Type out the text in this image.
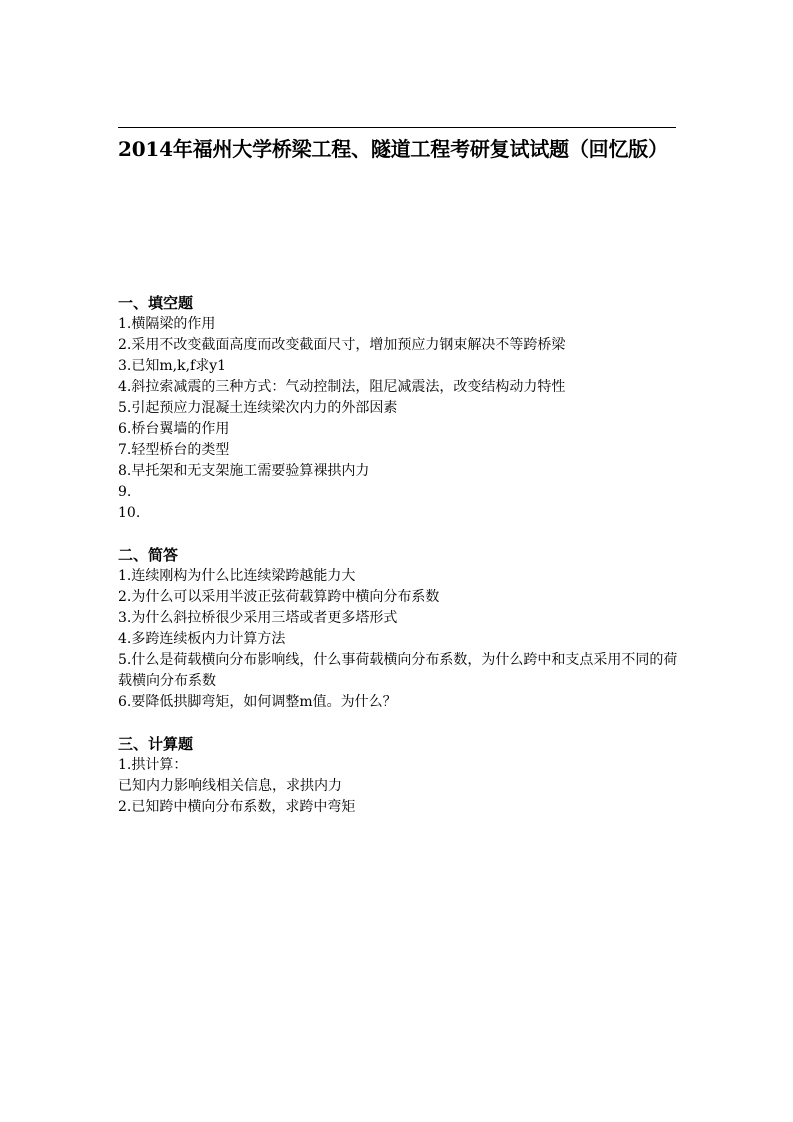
2014年福州大学桥梁工程、隧道工程考研复试试题（回忆版）
一、填空题
1.横隔梁的作用
2.采用不改变截面高度而改变截面尺寸，增加预应力钢束解决不等跨桥梁
3.已知m,k,f求y1
4.斜拉索减震的三种方式：气动控制法，阻尼减震法，改变结构动力特性
5.引起预应力混凝土连续梁次内力的外部因素
6.桥台翼墙的作用
7.轻型桥台的类型
8.早托架和无支架施工需要验算裸拱内力
9.
10.
二、简答
1.连续刚构为什么比连续梁跨越能力大
2.为什么可以采用半波正弦荷载算跨中横向分布系数
3.为什么斜拉桥很少采用三塔或者更多塔形式
4.多跨连续板内力计算方法
5.什么是荷载横向分布影响线，什么事荷载横向分布系数，为什么跨中和支点采用不同的荷载横向分布系数
6.要降低拱脚弯矩，如何调整m值。为什么？
三、计算题
1.拱计算：
已知内力影响线相关信息，求拱内力
2.已知跨中横向分布系数，求跨中弯矩
